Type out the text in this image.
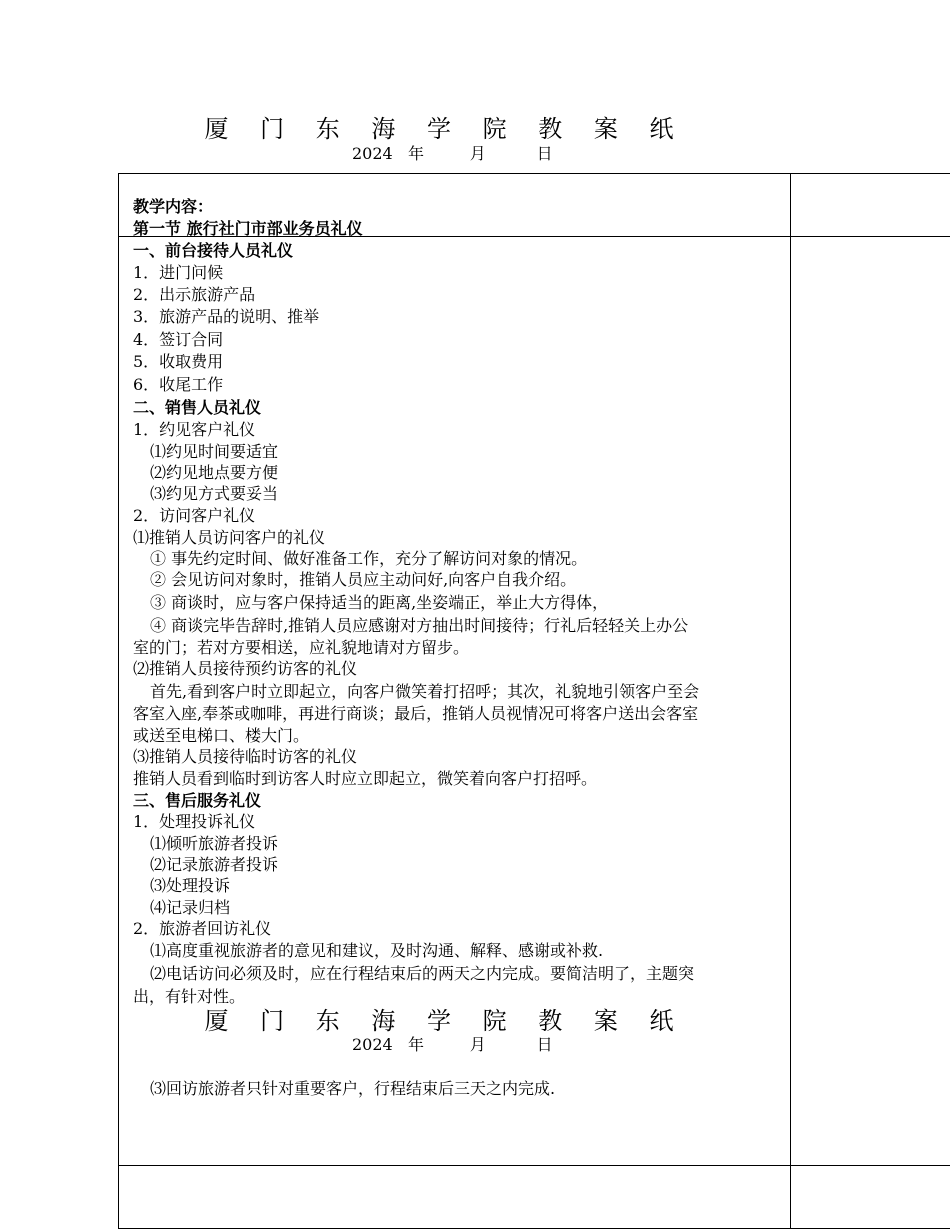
厦 门 东 海 学 院 教 案 纸
2024   年         月          日
教学内容：
第一节 旅行社门市部业务员礼仪
一、前台接待人员礼仪
1．进门问候
2．出示旅游产品
3．旅游产品的说明、推举
4．签订合同
5．收取费用
6．收尾工作
二、销售人员礼仪
1．约见客户礼仪
⑴约见时间要适宜
⑵约见地点要方便
⑶约见方式要妥当
2．访问客户礼仪
⑴推销人员访问客户的礼仪
① 事先约定时间、做好准备工作，充分了解访问对象的情况。
② 会见访问对象时，推销人员应主动问好,向客户自我介绍。
③ 商谈时，应与客户保持适当的距离,坐姿端正，举止大方得体，
④ 商谈完毕告辞时,推销人员应感谢对方抽出时间接待；行礼后轻轻关上办公
室的门；若对方要相送，应礼貌地请对方留步。
⑵推销人员接待预约访客的礼仪
首先,看到客户时立即起立，向客户微笑着打招呼；其次，礼貌地引领客户至会
客室入座,奉茶或咖啡，再进行商谈；最后，推销人员视情况可将客户送出会客室
或送至电梯口、楼大门。
⑶推销人员接待临时访客的礼仪
推销人员看到临时到访客人时应立即起立，微笑着向客户打招呼。
三、售后服务礼仪
1．处理投诉礼仪
⑴倾听旅游者投诉
⑵记录旅游者投诉
⑶处理投诉
⑷记录归档
2．旅游者回访礼仪
⑴高度重视旅游者的意见和建议，及时沟通、解释、感谢或补救.
⑵电话访问必须及时，应在行程结束后的两天之内完成。要简洁明了，主题突
出，有针对性。
厦 门 东 海 学 院 教 案 纸
2024   年         月          日
⑶回访旅游者只针对重要客户，行程结束后三天之内完成.
